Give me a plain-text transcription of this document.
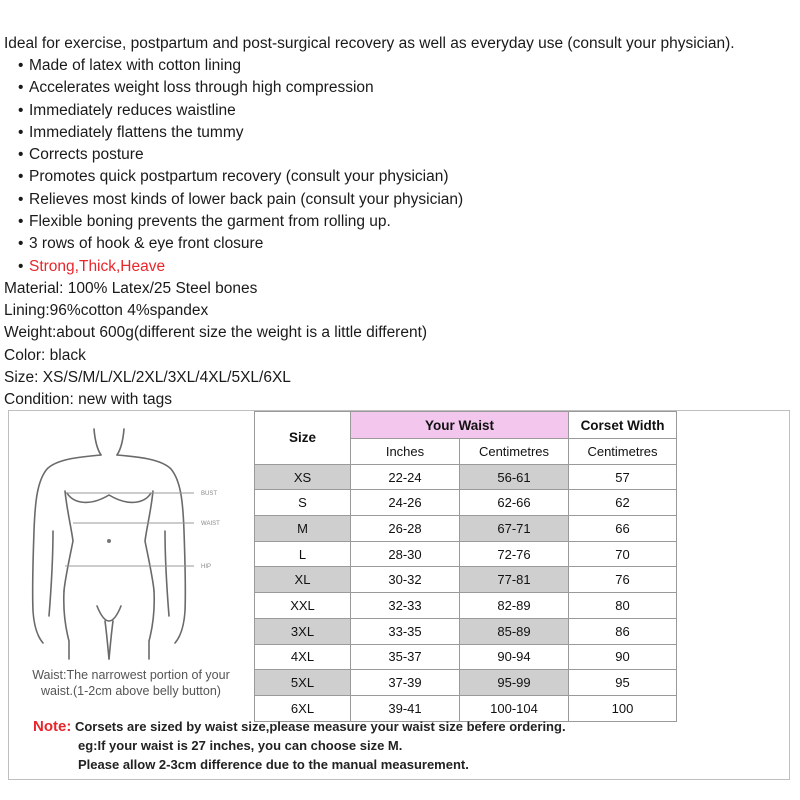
Ideal for exercise, postpartum and post-surgical recovery as well as everyday use (consult your physician).
• Made of latex with cotton lining
• Accelerates weight loss through high compression
• Immediately reduces waistline
• Immediately flattens the tummy
• Corrects posture
• Promotes quick postpartum recovery (consult your physician)
• Relieves most kinds of lower back pain (consult your physician)
• Flexible boning prevents the garment from rolling up.
• 3 rows of hook & eye front closure
• Strong,Thick,Heave
Material: 100% Latex/25 Steel bones
Lining:96%cotton 4%spandex
Weight:about 600g(different size the weight is a little different)
Color: black
Size: XS/S/M/L/XL/2XL/3XL/4XL/5XL/6XL
Condition: new with tags
BUST
WAIST
HIP
Waist:The narrowest portion of your
waist.(1-2cm above belly button)
Size	Your Waist		Corset Width
	Inches	Centimetres	Centimetres
XS	22-24	56-61	57
S	24-26	62-66	62
M	26-28	67-71	66
L	28-30	72-76	70
XL	30-32	77-81	76
XXL	32-33	82-89	80
3XL	33-35	85-89	86
4XL	35-37	90-94	90
5XL	37-39	95-99	95
6XL	39-41	100-104	100
Note: Corsets are sized by waist size,please measure your waist size befere ordering.
eg:If your waist is 27 inches, you can choose size M.
Please allow 2-3cm difference due to the manual measurement.
